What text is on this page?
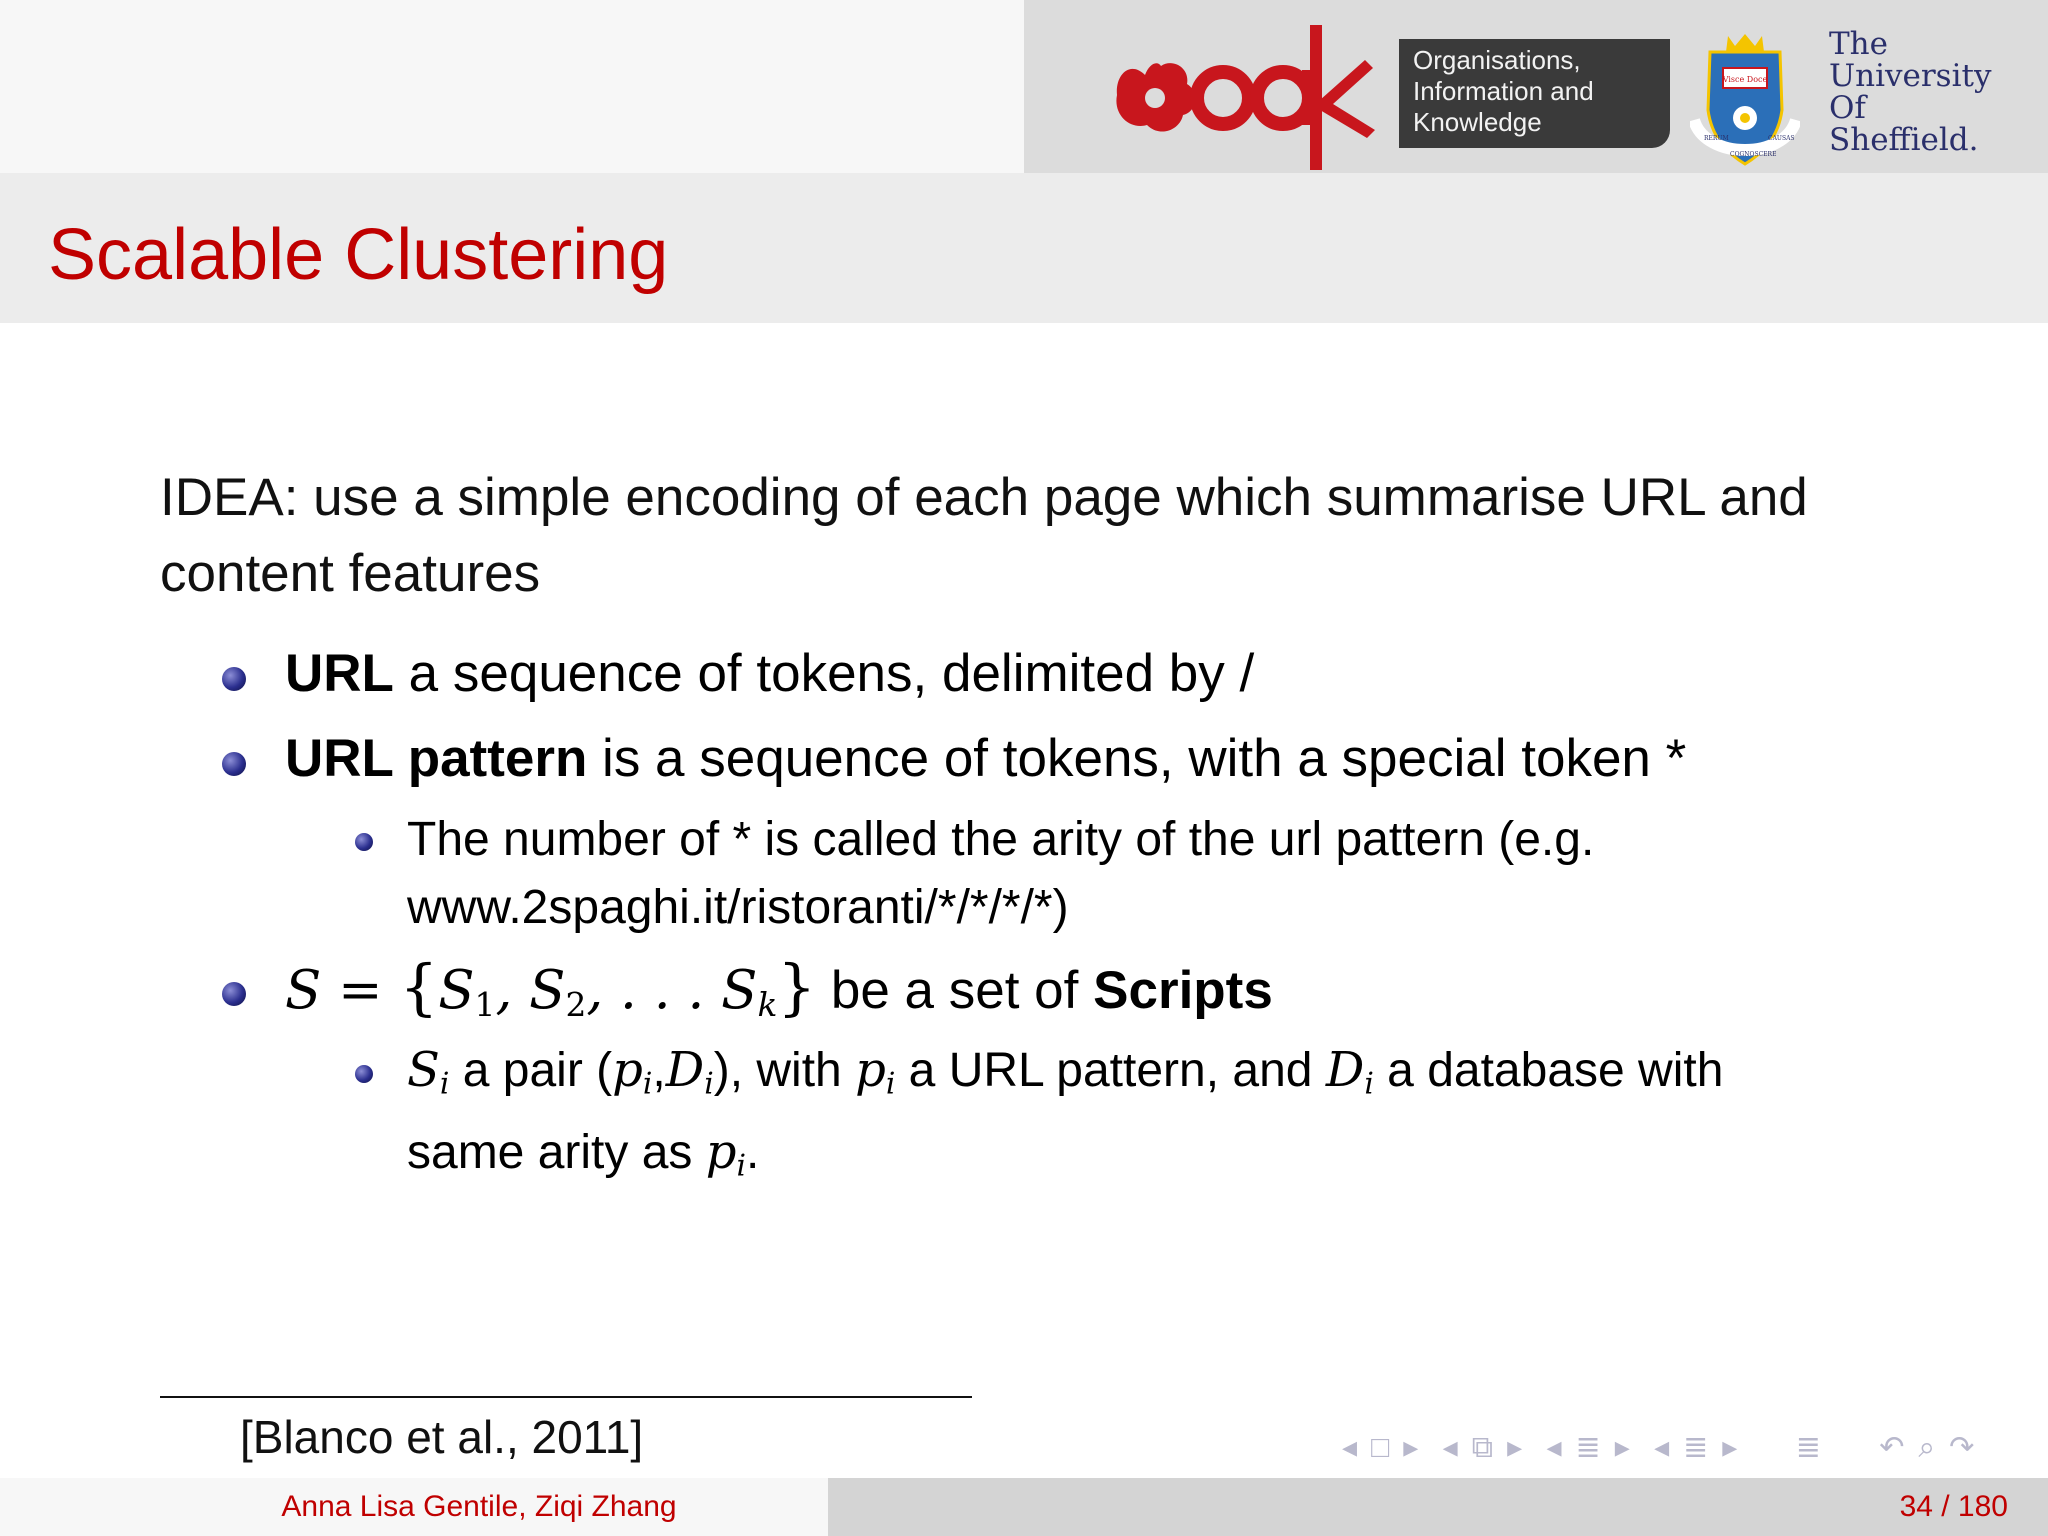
Organisations,
Information and
Knowledge
Visce Doce
RERUM
COGNOSCERE
CAUSAS
The
University
Of
Sheffield.
Scalable Clustering

IDEA: use a simple encoding of each page which summarise URL and content features

URL a sequence of tokens, delimited by /
URL pattern is a sequence of tokens, with a special token *
The number of * is called the arity of the url pattern (e.g.
www.2spaghi.it/ristoranti/*/*/*/*)
$S = \{S_1$, $S_2$, . . . $S_k$} be a set of Scripts
$S_i$ a pair $(p_i,D_i)$, with $p_i$ a URL pattern, and $D_i$ a database with
same arity as $p_i$.
[Blanco et al., 2011]	◂ □ ▸ ◂ ⧉ ▸ ◂ ≣ ▸ ◂ ≣ ▸ ≣ ↶ ⌕ ↷
Anna Lisa Gentile, Ziqi Zhang	34 / 180
